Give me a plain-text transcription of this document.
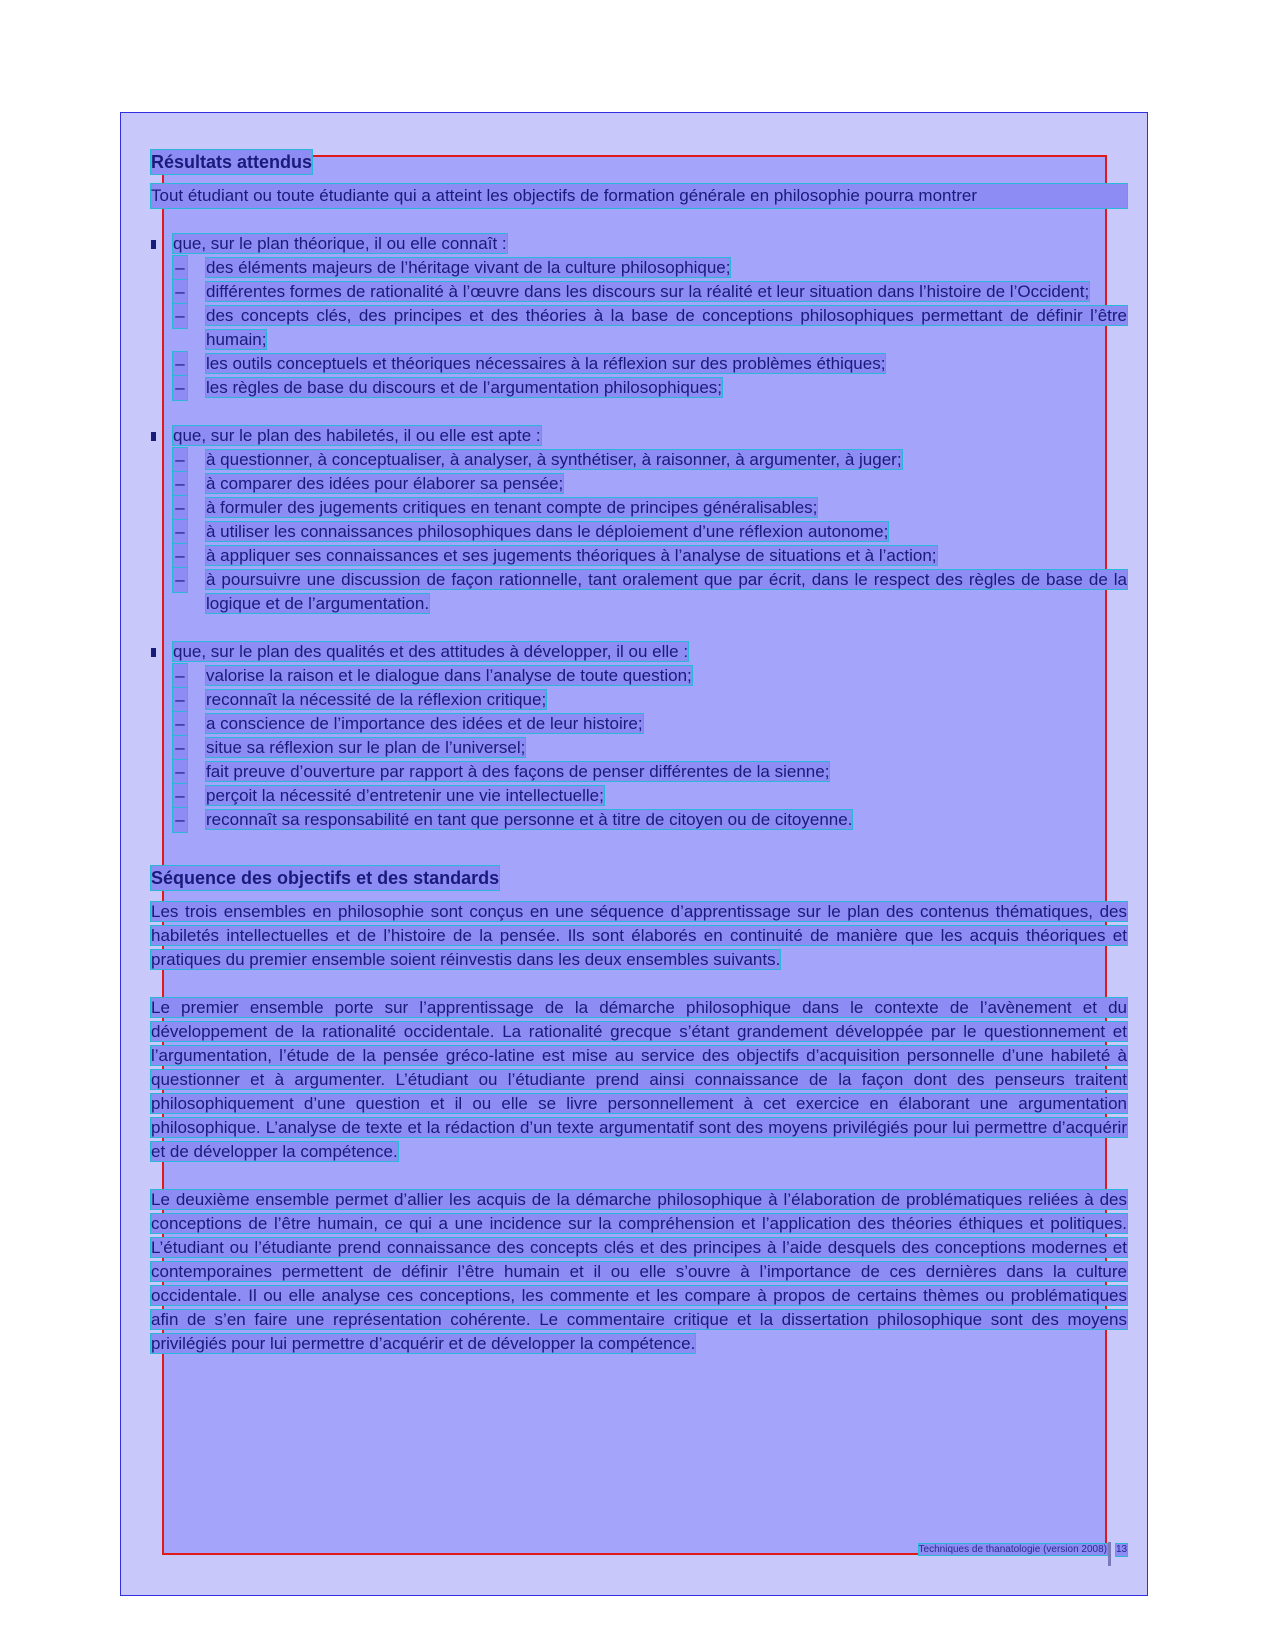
Résultats attendus

Tout étudiant ou toute étudiante qui a atteint les objectifs de formation générale en philosophie pourra montrer

que, sur le plan théorique, il ou elle connaît :
– des éléments majeurs de l’héritage vivant de la culture philosophique;
– différentes formes de rationalité à l’œuvre dans les discours sur la réalité et leur situation dans l’histoire de l’Occident;
– des concepts clés, des principes et des théories à la base de conceptions philosophiques permettant de définir l’être humain;
– les outils conceptuels et théoriques nécessaires à la réflexion sur des problèmes éthiques;
– les règles de base du discours et de l’argumentation philosophiques;
que, sur le plan des habiletés, il ou elle est apte :
– à questionner, à conceptualiser, à analyser, à synthétiser, à raisonner, à argumenter, à juger;
– à comparer des idées pour élaborer sa pensée;
– à formuler des jugements critiques en tenant compte de principes généralisables;
– à utiliser les connaissances philosophiques dans le déploiement d’une réflexion autonome;
– à appliquer ses connaissances et ses jugements théoriques à l’analyse de situations et à l’action;
– à poursuivre une discussion de façon rationnelle, tant oralement que par écrit, dans le respect des règles de base de la logique et de l’argumentation.
que, sur le plan des qualités et des attitudes à développer, il ou elle :
– valorise la raison et le dialogue dans l’analyse de toute question;
– reconnaît la nécessité de la réflexion critique;
– a conscience de l’importance des idées et de leur histoire;
– situe sa réflexion sur le plan de l’universel;
– fait preuve d’ouverture par rapport à des façons de penser différentes de la sienne;
– perçoit la nécessité d’entretenir une vie intellectuelle;
– reconnaît sa responsabilité en tant que personne et à titre de citoyen ou de citoyenne.
Séquence des objectifs et des standards

Les trois ensembles en philosophie sont conçus en une séquence d’apprentissage sur le plan des contenus thématiques, des habiletés intellectuelles et de l’histoire de la pensée. Ils sont élaborés en continuité de manière que les acquis théoriques et pratiques du premier ensemble soient réinvestis dans les deux ensembles suivants.

Le premier ensemble porte sur l’apprentissage de la démarche philosophique dans le contexte de l’avènement et du développement de la rationalité occidentale. La rationalité grecque s’étant grandement développée par le questionnement et l’argumentation, l’étude de la pensée gréco-latine est mise au service des objectifs d’acquisition personnelle d’une habileté à questionner et à argumenter. L’étudiant ou l’étudiante prend ainsi connaissance de la façon dont des penseurs traitent philosophiquement d’une question et il ou elle se livre personnellement à cet exercice en élaborant une argumentation philosophique. L’analyse de texte et la rédaction d’un texte argumentatif sont des moyens privilégiés pour lui permettre d’acquérir et de développer la compétence.

Le deuxième ensemble permet d’allier les acquis de la démarche philosophique à l’élaboration de problématiques reliées à des conceptions de l’être humain, ce qui a une incidence sur la compréhension et l’application des théories éthiques et politiques. L’étudiant ou l’étudiante prend connaissance des concepts clés et des principes à l’aide desquels des conceptions modernes et contemporaines permettent de définir l’être humain et il ou elle s’ouvre à l’importance de ces dernières dans la culture occidentale. Il ou elle analyse ces conceptions, les commente et les compare à propos de certains thèmes ou problématiques afin de s’en faire une représentation cohérente. Le commentaire critique et la dissertation philosophique sont des moyens privilégiés pour lui permettre d’acquérir et de développer la compétence.

Techniques de thanatologie (version 2008) 13
